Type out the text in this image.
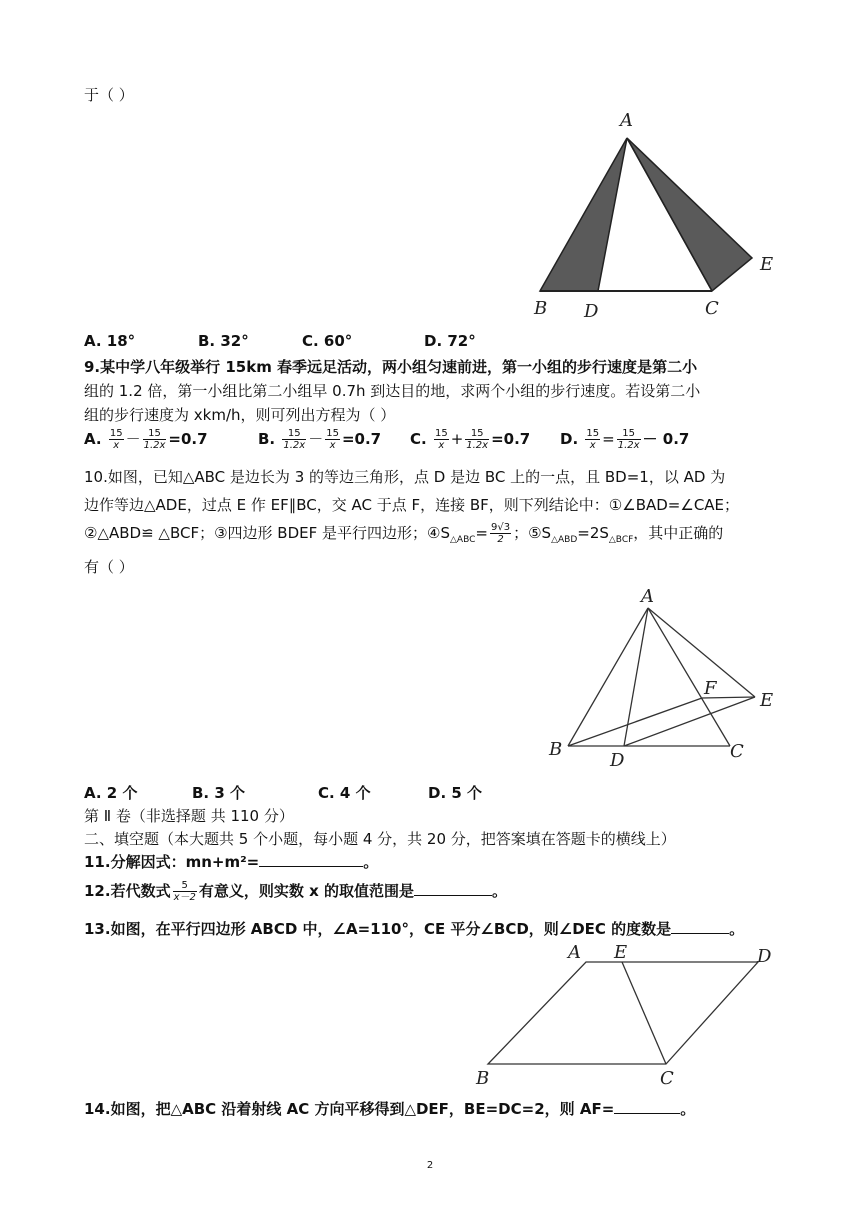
于（ ）
A
B D	C
E
A. 18°	B. 32°	C. 60°	D. 72°
9.某中学八年级举行 15km 春季远足活动，两小组匀速前进，第一小组的步行速度是第二小
组的 1.2 倍，第一小组比第二小组早 0.7h 到达目的地，求两个小组的步行速度。若设第二小
组的步行速度为 xkm/h，则可列出方程为（ ）
A. $\frac{15}{x} - \frac{15}{1.2x} =0.7$	B. $\frac{15}{1.2x} - \frac{15}{x} =0.7$ C. $\frac{15}{x} + \frac{15}{1.2x} =0.7$ D. $\frac{15}{x} = \frac{15}{1.2x} - 0.7$
10.如图，已知△ABC 是边长为 3 的等边三角形，点 D 是边 BC 上的一点，且 BD=1，以 AD 为
边作等边△ADE，过点 E 作 EF∥BC，交 AC 于点 F，连接 BF，则下列结论中：①∠BAD=∠CAE；
②△ABD≌ △BCF；③四边形 BDEF 是平行四边形；$④S_{\triangle ABC}= \frac{9√3}{2}$ ；$⑤S_{\triangle ABD}=2S_{\triangle BCF}$，其中正确的
有（ ）
A
B
D	C
F
E
A. 2 个	B. 3 个	C. 4 个	D. 5 个
第 Ⅱ 卷（非选择题 共 110 分）
二、填空题（本大题共 5 个小题，每小题 4 分，共 20 分，把答案填在答题卡的横线上）
11.分解因式：mn+m²=	。
12.若代数式 $\frac{5}{x-2}$ 有意义，则实数 x 的取值范围是	。
13.如图，在平行四边形 ABCD 中，∠A=110°，CE 平分∠BCD，则∠DEC 的度数是	。
A E	D
B	C
14.如图，把△ABC 沿着射线 AC 方向平移得到△DEF，BE=DC=2，则 AF=	。
2
